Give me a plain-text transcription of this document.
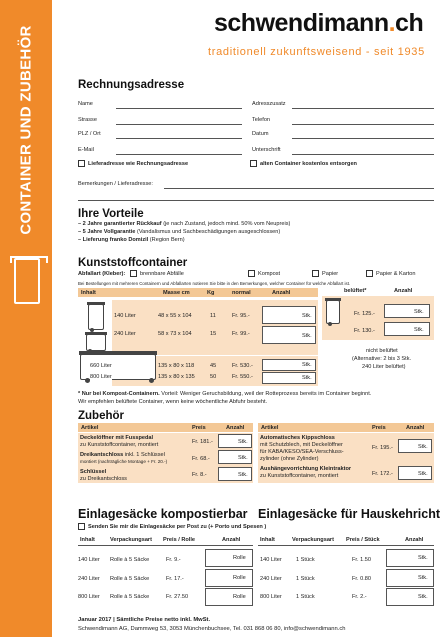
CONTAINER UND ZUBEHÖR
schwendimann.ch
traditionell zukunftsweisend - seit 1935
Rechnungsadresse
Name
Strasse
PLZ / Ort
E-Mail
Adresszusatz
Telefon
Datum
Unterschrift
Lieferadresse wie Rechnungsadresse	alten Container kostenlos entsorgen
Bemerkungen / Lieferadresse:
Ihre Vorteile
– 2 Jahre garantierter Rückkauf (je nach Zustand, jedoch mind. 50% vom Neupreis)
– 5 Jahre Vollgarantie (Vandalismus und Sachbeschädigungen ausgeschlossen)
– Lieferung franko Domizil (Region Bern)
Kunststoffcontainer
Abfallart (Kleber):	brennbare Abfälle	Kompost	Papier	Papier & Karton
Bei Bestellungen mit mehreren Containern und Abfallarten notieren Sie bitte in den Bemerkungen, welcher Container für welche Abfallart ist.
Inhalt	Masse cm	Kg	normal	Anzahl
140 Liter	48 x 55 x 104	11	Fr. 95.-	Stk.
240 Liter	58 x 73 x 104	15	Fr. 99.-	Stk.
660 Liter	135 x 80 x 118	45	Fr. 530.-	Stk.
800 Liter	135 x 80 x 135	50	Fr. 550.-	Stk.
belüftet*	Anzahl
Fr. 125.-	Stk.
Fr. 130.-	Stk.
nicht belüftet
(Alternative: 2 bis 3 Stk.
240 Liter belüftet)
* Nur bei Kompost-Containern. Vorteil: Weniger Geruchsbildung, weil der Rotteprozess bereits im Container beginnt.
Wir empfehlen belüftete Container, wenn keine wöchentliche Abfuhr besteht.
Zubehör
Artikel	Preis	Anzahl
Deckelöffner mit Fusspedal
zu Kunststoffcontainer, montiert	Fr. 181.-	Stk.
Dreikantschloss inkl. 1 Schlüssel
montiert (nachträgliche Montage + Fr. 20.-)	Fr. 68.-	Stk.
Schlüssel
zu Dreikantschloss
Fr. 8.-	Stk.
Artikel	Preis	Anzahl
Automatisches Kippschloss
mit Schutzblech, mit Deckelöffner
für KABA/KESO/SEA-Verschluss-
zylinder (ohne Zylinder)
Fr. 195.-	Stk.
Aushängevorrichtung Kleintraktor
zu Kunststoffcontainer, montiert	Fr. 172.-	Stk.
Einlagesäcke kompostierbar Einlagesäcke für Hauskehricht
Senden Sie mir die Einlagesäcke per Post zu (+ Porto und Spesen )
Inhalt	Verpackungsart Preis / Rolle	Anzahl
140 Liter Rolle à 5 Säcke	Fr. 9.-	Rolle
240 Liter Rolle à 5 Säcke	Fr. 17.-	Rolle
800 Liter Rolle à 5 Säcke	Fr. 27.50	Rolle
Inhalt	Verpackungsart Preis / Stück	Anzahl
140 Liter	1 Stück	Fr. 1.50	Stk.
240 Liter	1 Stück	Fr. 0.80	Stk.
800 Liter	1 Stück	Fr. 2.-	Stk.
Januar 2017 | Sämtliche Preise netto inkl. MwSt.
Schwendimann AG, Dammweg 53, 3053 Münchenbuchsee, Tel. 031 868 06 80, info@schwendimann.ch
